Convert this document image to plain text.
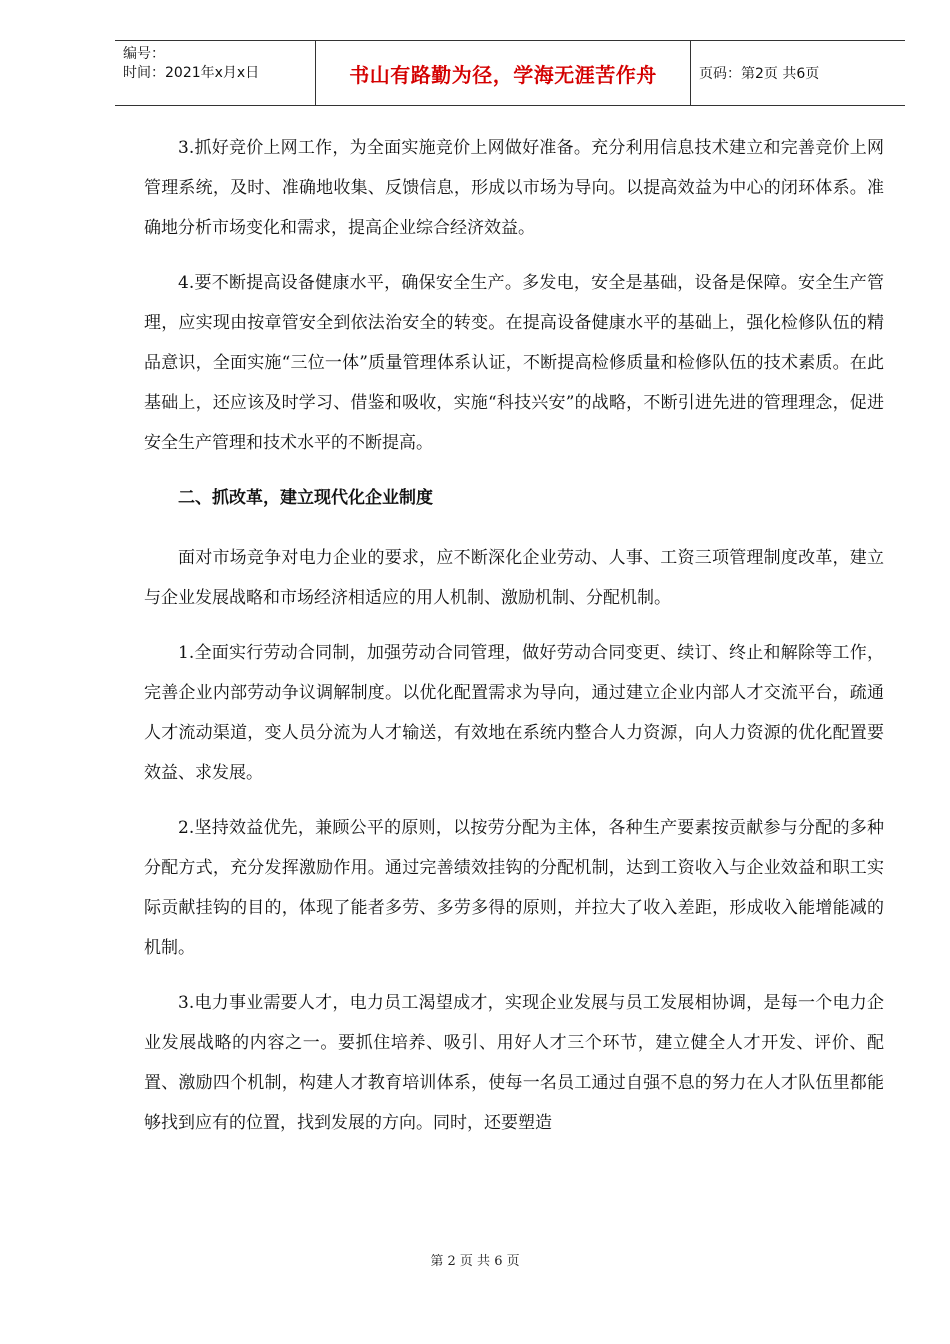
编号：
时间：2021年x月x日	书山有路勤为径，学海无涯苦作舟	页码：第2页 共6页

3.抓好竞价上网工作，为全面实施竞价上网做好准备。充分利用信息技术建立和完善竞价上网管理系统，及时、准确地收集、反馈信息，形成以市场为导向。以提高效益为中心的闭环体系。准确地分析市场变化和需求，提高企业综合经济效益。

4.要不断提高设备健康水平，确保安全生产。多发电，安全是基础，设备是保障。安全生产管理，应实现由按章管安全到依法治安全的转变。在提高设备健康水平的基础上，强化检修队伍的精品意识，全面实施“三位一体”质量管理体系认证，不断提高检修质量和检修队伍的技术素质。在此基础上，还应该及时学习、借鉴和吸收，实施“科技兴安”的战略，不断引进先进的管理理念，促进安全生产管理和技术水平的不断提高。

二、抓改革，建立现代化企业制度

面对市场竞争对电力企业的要求，应不断深化企业劳动、人事、工资三项管理制度改革，建立与企业发展战略和市场经济相适应的用人机制、激励机制、分配机制。

1.全面实行劳动合同制，加强劳动合同管理，做好劳动合同变更、续订、终止和解除等工作，完善企业内部劳动争议调解制度。以优化配置需求为导向，通过建立企业内部人才交流平台，疏通人才流动渠道，变人员分流为人才输送，有效地在系统内整合人力资源，向人力资源的优化配置要效益、求发展。

2.坚持效益优先，兼顾公平的原则，以按劳分配为主体，各种生产要素按贡献参与分配的多种分配方式，充分发挥激励作用。通过完善绩效挂钩的分配机制，达到工资收入与企业效益和职工实际贡献挂钩的目的，体现了能者多劳、多劳多得的原则，并拉大了收入差距，形成收入能增能减的机制。

3.电力事业需要人才，电力员工渴望成才，实现企业发展与员工发展相协调，是每一个电力企业发展战略的内容之一。要抓住培养、吸引、用好人才三个环节，建立健全人才开发、评价、配置、激励四个机制，构建人才教育培训体系，使每一名员工通过自强不息的努力在人才队伍里都能够找到应有的位置，找到发展的方向。同时，还要塑造

第 2 页 共 6 页
